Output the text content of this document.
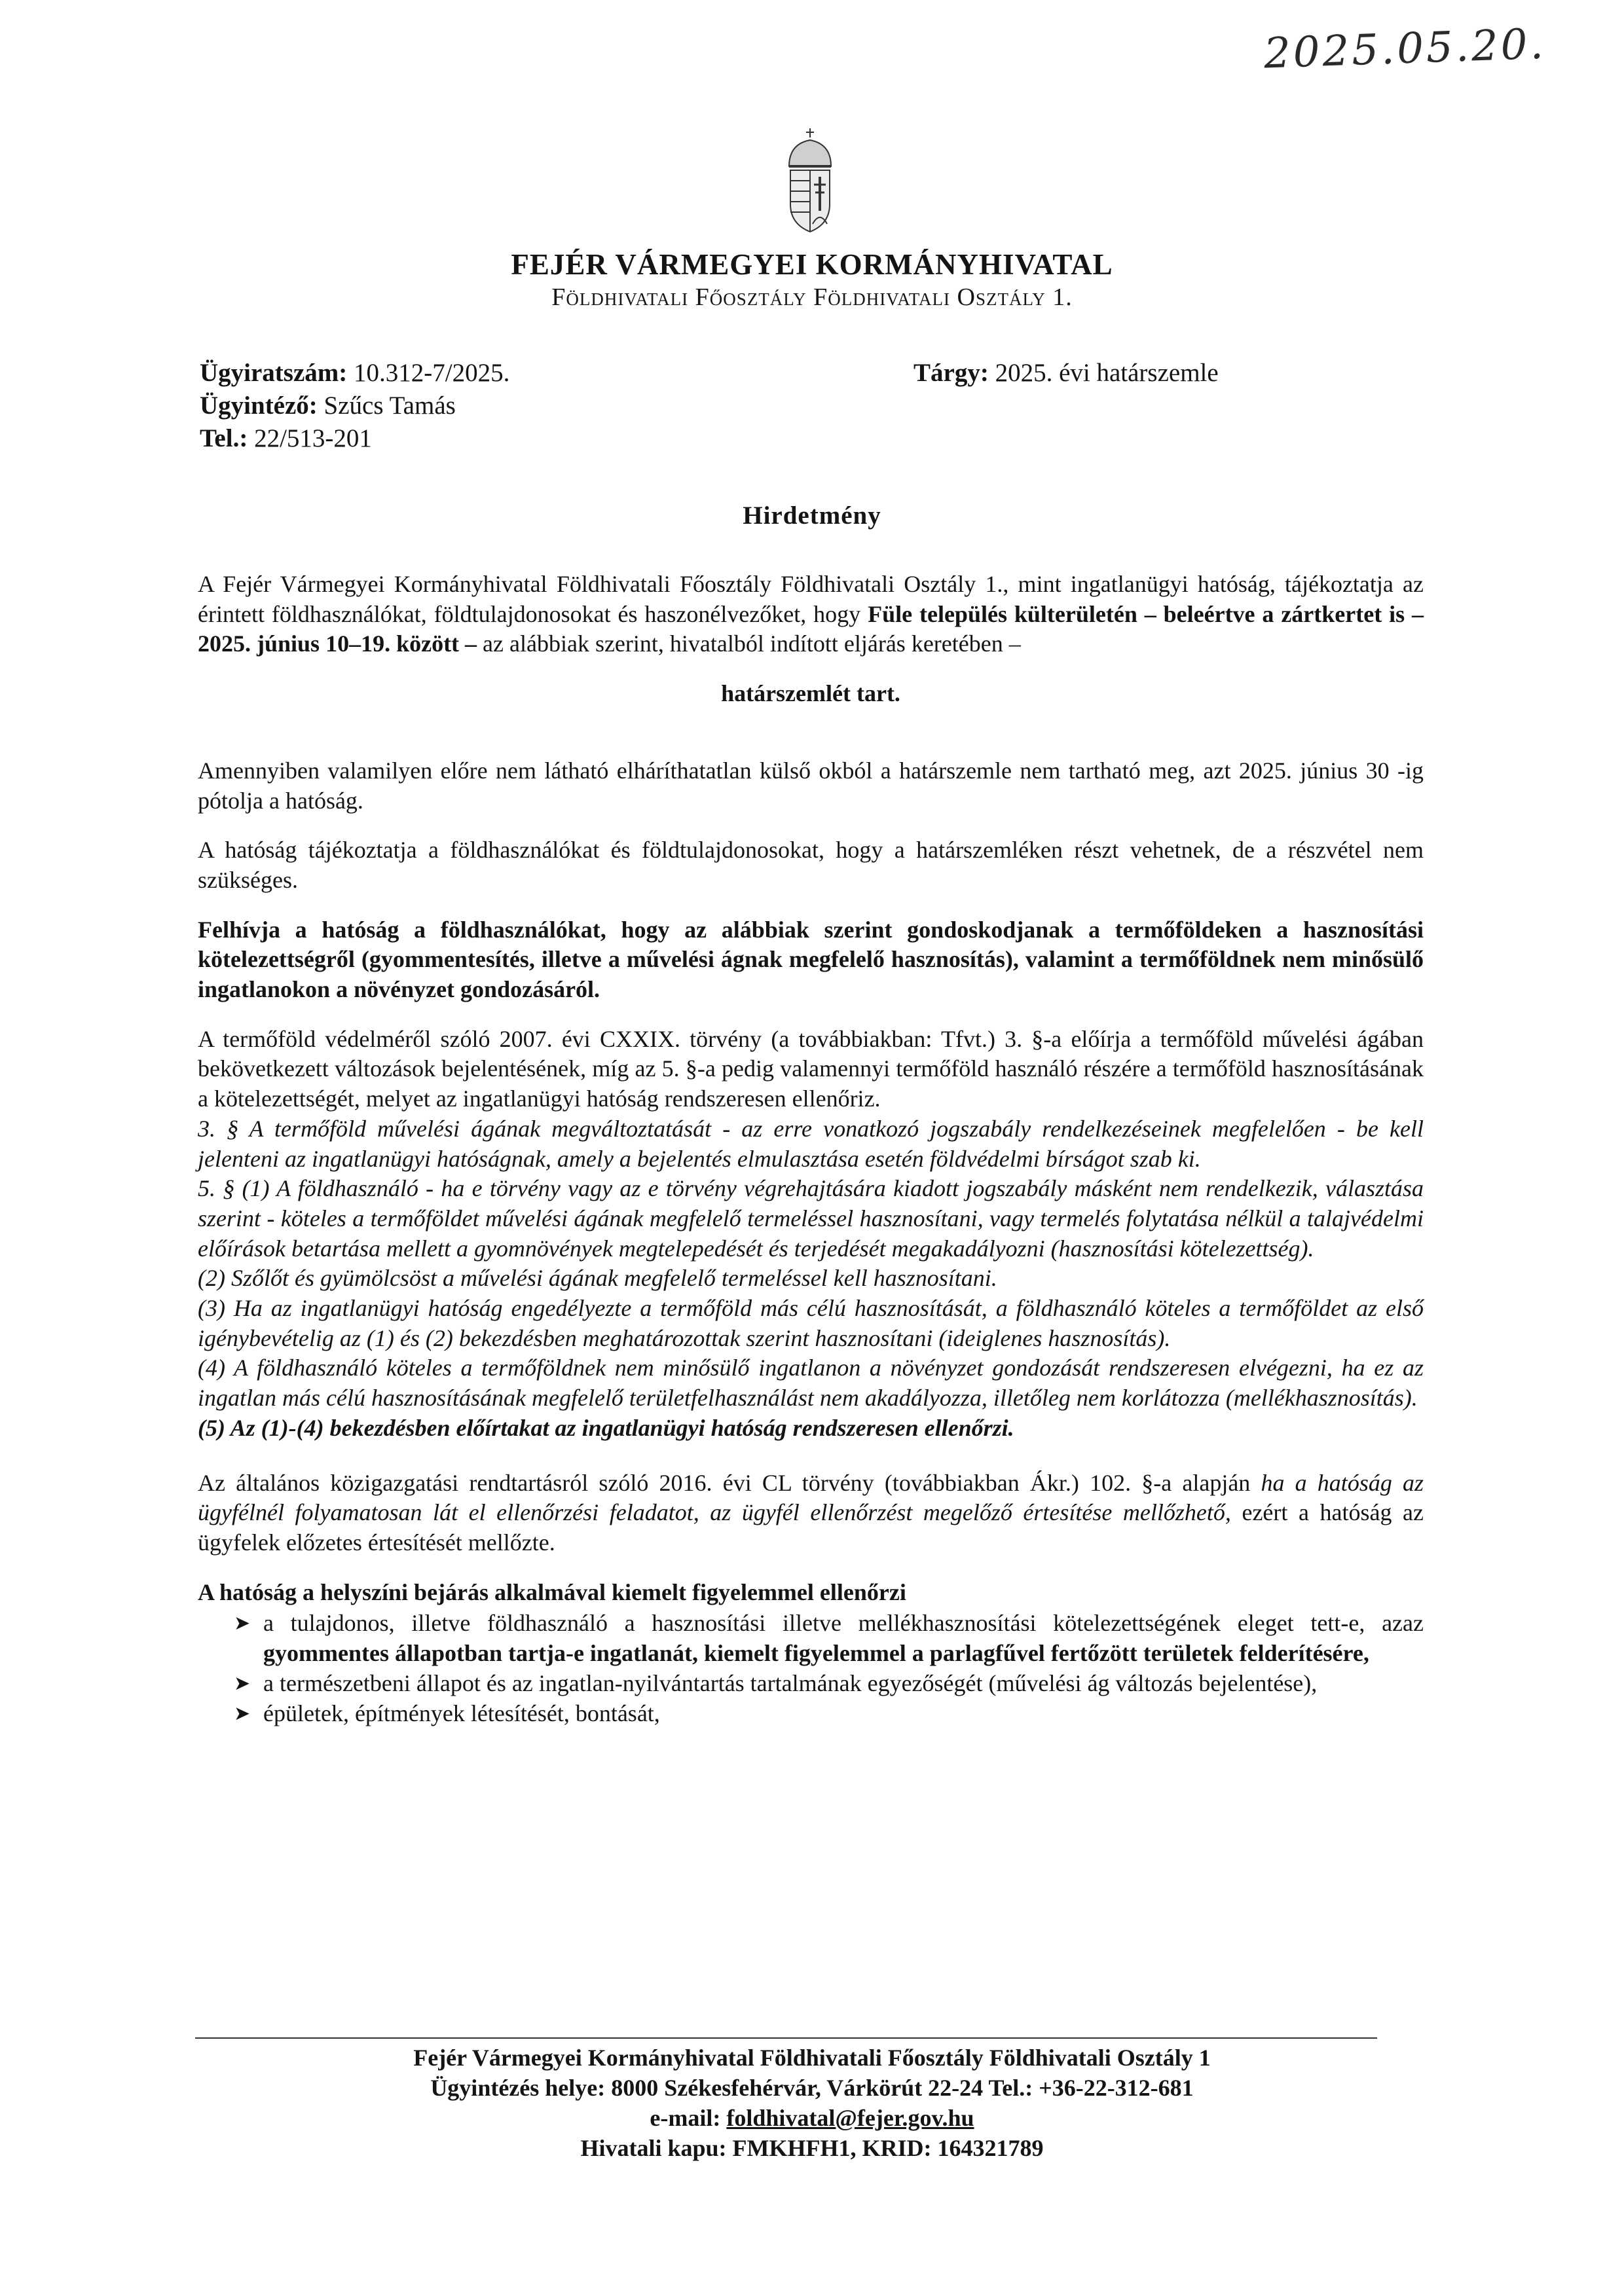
2025.05.20.
FEJÉR VÁRMEGYEI KORMÁNYHIVATAL
Földhivatali Főosztály Földhivatali Osztály 1.
Ügyiratszám: 10.312-7/2025.
Ügyintéző: Szűcs Tamás
Tel.: 22/513-201
Tárgy: 2025. évi határszemle
Hirdetmény

A Fejér Vármegyei Kormányhivatal Földhivatali Főosztály Földhivatali Osztály 1., mint ingatlanügyi hatóság, tájékoztatja az érintett földhasználókat, földtulajdonosokat és haszonélvezőket, hogy Füle település külterületén – beleértve a zártkertet is – 2025. június 10–19. között – az alábbiak szerint, hivatalból indított eljárás keretében –

határszemlét tart.

Amennyiben valamilyen előre nem látható elháríthatatlan külső okból a határszemle nem tartható meg, azt 2025. június 30 -ig pótolja a hatóság.

A hatóság tájékoztatja a földhasználókat és földtulajdonosokat, hogy a határszemléken részt vehetnek, de a részvétel nem szükséges.

Felhívja a hatóság a földhasználókat, hogy az alábbiak szerint gondoskodjanak a termőföldeken a hasznosítási kötelezettségről (gyommentesítés, illetve a művelési ágnak megfelelő hasznosítás), valamint a termőföldnek nem minősülő ingatlanokon a növényzet gondozásáról.

A termőföld védelméről szóló 2007. évi CXXIX. törvény (a továbbiakban: Tfvt.) 3. §-a előírja a termőföld művelési ágában bekövetkezett változások bejelentésének, míg az 5. §-a pedig valamennyi termőföld használó részére a termőföld hasznosításának a kötelezettségét, melyet az ingatlanügyi hatóság rendszeresen ellenőriz.

3. § A termőföld művelési ágának megváltoztatását - az erre vonatkozó jogszabály rendelkezéseinek megfelelően - be kell jelenteni az ingatlanügyi hatóságnak, amely a bejelentés elmulasztása esetén földvédelmi bírságot szab ki.

5. § (1) A földhasználó - ha e törvény vagy az e törvény végrehajtására kiadott jogszabály másként nem rendelkezik, választása szerint - köteles a termőföldet művelési ágának megfelelő termeléssel hasznosítani, vagy termelés folytatása nélkül a talajvédelmi előírások betartása mellett a gyomnövények megtelepedését és terjedését megakadályozni (hasznosítási kötelezettség).

(2) Szőlőt és gyümölcsöst a művelési ágának megfelelő termeléssel kell hasznosítani.

(3) Ha az ingatlanügyi hatóság engedélyezte a termőföld más célú hasznosítását, a földhasználó köteles a termőföldet az első igénybevételig az (1) és (2) bekezdésben meghatározottak szerint hasznosítani (ideiglenes hasznosítás).

(4) A földhasználó köteles a termőföldnek nem minősülő ingatlanon a növényzet gondozását rendszeresen elvégezni, ha ez az ingatlan más célú hasznosításának megfelelő területfelhasználást nem akadályozza, illetőleg nem korlátozza (mellékhasznosítás).

(5) Az (1)-(4) bekezdésben előírtakat az ingatlanügyi hatóság rendszeresen ellenőrzi.

Az általános közigazgatási rendtartásról szóló 2016. évi CL törvény (továbbiakban Ákr.) 102. §-a alapján ha a hatóság az ügyfélnél folyamatosan lát el ellenőrzési feladatot, az ügyfél ellenőrzést megelőző értesítése mellőzhető, ezért a hatóság az ügyfelek előzetes értesítését mellőzte.

A hatóság a helyszíni bejárás alkalmával kiemelt figyelemmel ellenőrzi

➤ a tulajdonos, illetve földhasználó a hasznosítási illetve mellékhasznosítási kötelezettségének eleget tett-e, azaz gyommentes állapotban tartja-e ingatlanát, kiemelt figyelemmel a parlagfűvel fertőzött területek felderítésére,
➤ a természetbeni állapot és az ingatlan-nyilvántartás tartalmának egyezőségét (művelési ág változás bejelentése),
➤ épületek, építmények létesítését, bontását,
Fejér Vármegyei Kormányhivatal Földhivatali Főosztály Földhivatali Osztály 1
Ügyintézés helye: 8000 Székesfehérvár, Várkörút 22-24 Tel.: +36-22-312-681
e-mail: foldhivatal@fejer.gov.hu
Hivatali kapu: FMKHFH1, KRID: 164321789
